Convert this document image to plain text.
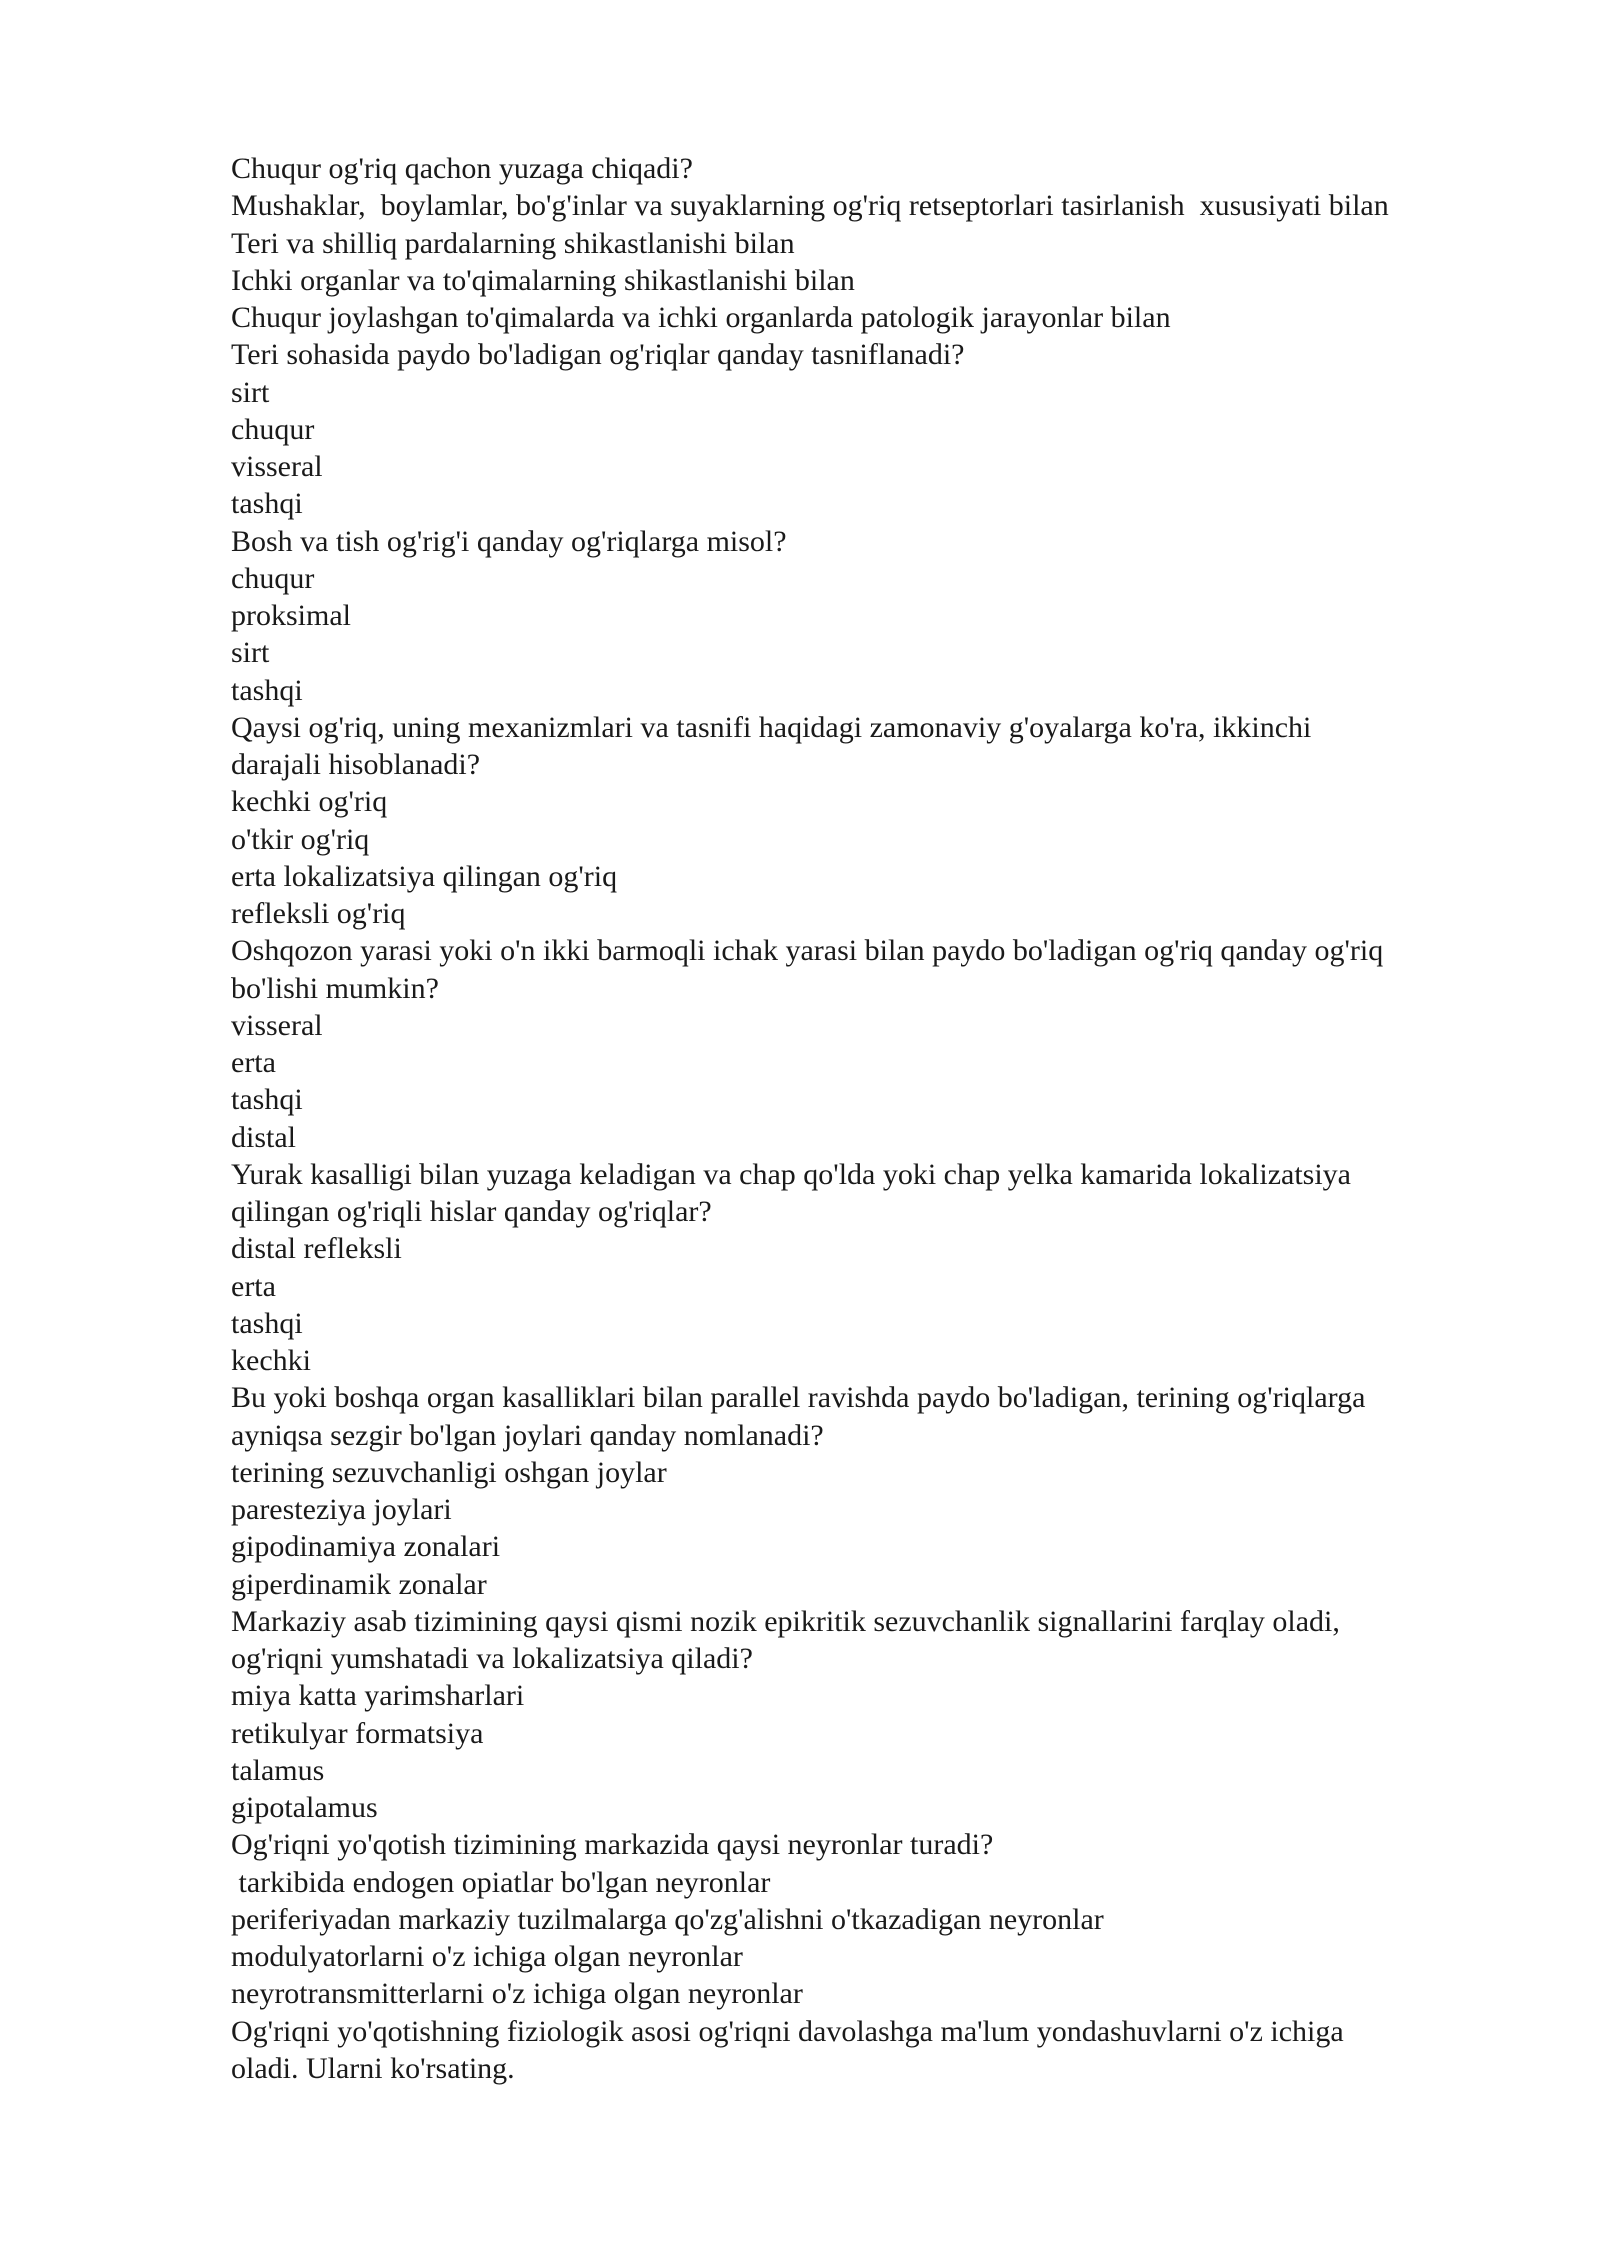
Chuqur og'riq qachon yuzaga chiqadi?
Mushaklar,  boylamlar, bo'g'inlar va suyaklarning og'riq retseptorlari tasirlanish  xususiyati bilan
Teri va shilliq pardalarning shikastlanishi bilan
Ichki organlar va to'qimalarning shikastlanishi bilan
Chuqur joylashgan to'qimalarda va ichki organlarda patologik jarayonlar bilan
Teri sohasida paydo bo'ladigan og'riqlar qanday tasniflanadi?
sirt
chuqur
visseral
tashqi
Bosh va tish og'rig'i qanday og'riqlarga misol?
chuqur
proksimal
sirt
tashqi
Qaysi og'riq, uning mexanizmlari va tasnifi haqidagi zamonaviy g'oyalarga ko'ra, ikkinchi
darajali hisoblanadi?
kechki og'riq
o'tkir og'riq
erta lokalizatsiya qilingan og'riq
refleksli og'riq
Oshqozon yarasi yoki o'n ikki barmoqli ichak yarasi bilan paydo bo'ladigan og'riq qanday og'riq
bo'lishi mumkin?
visseral
erta
tashqi
distal
Yurak kasalligi bilan yuzaga keladigan va chap qo'lda yoki chap yelka kamarida lokalizatsiya
qilingan og'riqli hislar qanday og'riqlar?
distal refleksli
erta
tashqi
kechki
Bu yoki boshqa organ kasalliklari bilan parallel ravishda paydo bo'ladigan, terining og'riqlarga
ayniqsa sezgir bo'lgan joylari qanday nomlanadi?
terining sezuvchanligi oshgan joylar
paresteziya joylari
gipodinamiya zonalari
giperdinamik zonalar
Markaziy asab tizimining qaysi qismi nozik epikritik sezuvchanlik signallarini farqlay oladi,
og'riqni yumshatadi va lokalizatsiya qiladi?
miya katta yarimsharlari
retikulyar formatsiya
talamus
gipotalamus
Og'riqni yo'qotish tizimining markazida qaysi neyronlar turadi?
tarkibida endogen opiatlar bo'lgan neyronlar
periferiyadan markaziy tuzilmalarga qo'zg'alishni o'tkazadigan neyronlar
modulyatorlarni o'z ichiga olgan neyronlar
neyrotransmitterlarni o'z ichiga olgan neyronlar
Og'riqni yo'qotishning fiziologik asosi og'riqni davolashga ma'lum yondashuvlarni o'z ichiga
oladi. Ularni ko'rsating.
